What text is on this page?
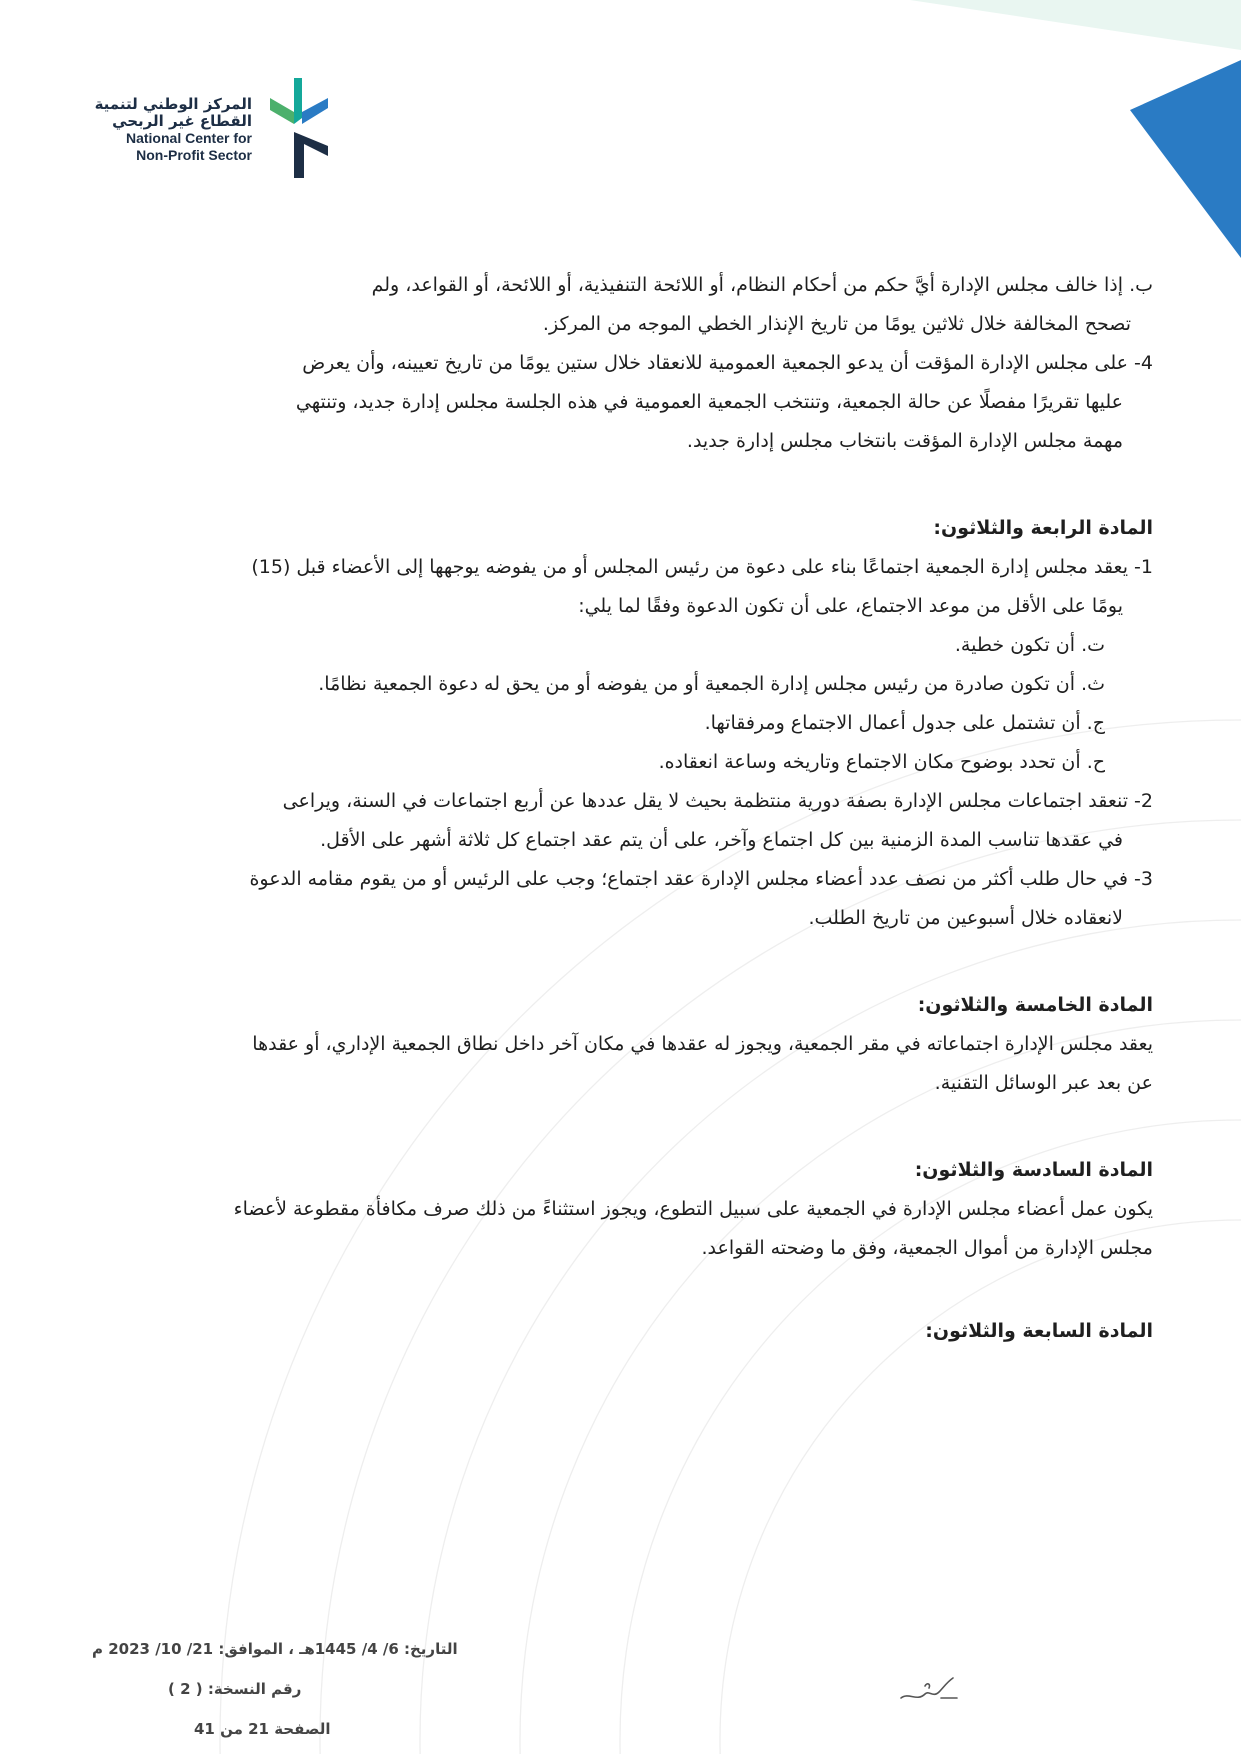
المركز الوطني لتنمية
القطاع غير الربحي
National Center for
Non-Profit Sector

ب. إذا خالف مجلس الإدارة أيَّ حكم من أحكام النظام، أو اللائحة التنفيذية، أو اللائحة، أو القواعد، ولم

تصحح المخالفة خلال ثلاثين يومًا من تاريخ الإنذار الخطي الموجه من المركز.

4- على مجلس الإدارة المؤقت أن يدعو الجمعية العمومية للانعقاد خلال ستين يومًا من تاريخ تعيينه، وأن يعرض

عليها تقريرًا مفصلًا عن حالة الجمعية، وتنتخب الجمعية العمومية في هذه الجلسة مجلس إدارة جديد، وتنتهي

مهمة مجلس الإدارة المؤقت بانتخاب مجلس إدارة جديد.

المادة الرابعة والثلاثون:

1- يعقد مجلس إدارة الجمعية اجتماعًا بناء على دعوة من رئيس المجلس أو من يفوضه يوجهها إلى الأعضاء قبل (15)

يومًا على الأقل من موعد الاجتماع، على أن تكون الدعوة وفقًا لما يلي:

ت. أن تكون خطية.

ث. أن تكون صادرة من رئيس مجلس إدارة الجمعية أو من يفوضه أو من يحق له دعوة الجمعية نظامًا.

ج. أن تشتمل على جدول أعمال الاجتماع ومرفقاتها.

ح. أن تحدد بوضوح مكان الاجتماع وتاريخه وساعة انعقاده.

2- تنعقد اجتماعات مجلس الإدارة بصفة دورية منتظمة بحيث لا يقل عددها عن أربع اجتماعات في السنة، ويراعى

في عقدها تناسب المدة الزمنية بين كل اجتماع وآخر، على أن يتم عقد اجتماع كل ثلاثة أشهر على الأقل.

3- في حال طلب أكثر من نصف عدد أعضاء مجلس الإدارة عقد اجتماع؛ وجب على الرئيس أو من يقوم مقامه الدعوة

لانعقاده خلال أسبوعين من تاريخ الطلب.

المادة الخامسة والثلاثون:

يعقد مجلس الإدارة اجتماعاته في مقر الجمعية، ويجوز له عقدها في مكان آخر داخل نطاق الجمعية الإداري، أو عقدها

عن بعد عبر الوسائل التقنية.

المادة السادسة والثلاثون:

يكون عمل أعضاء مجلس الإدارة في الجمعية على سبيل التطوع، ويجوز استثناءً من ذلك صرف مكافأة مقطوعة لأعضاء

مجلس الإدارة من أموال الجمعية، وفق ما وضحته القواعد.

المادة السابعة والثلاثون:

التاريخ: 6/ 4/ 1445هـ ، الموافق: 21/ 10/ 2023 م
رقم النسخة: ( 2 )
الصفحة 21 من 41
